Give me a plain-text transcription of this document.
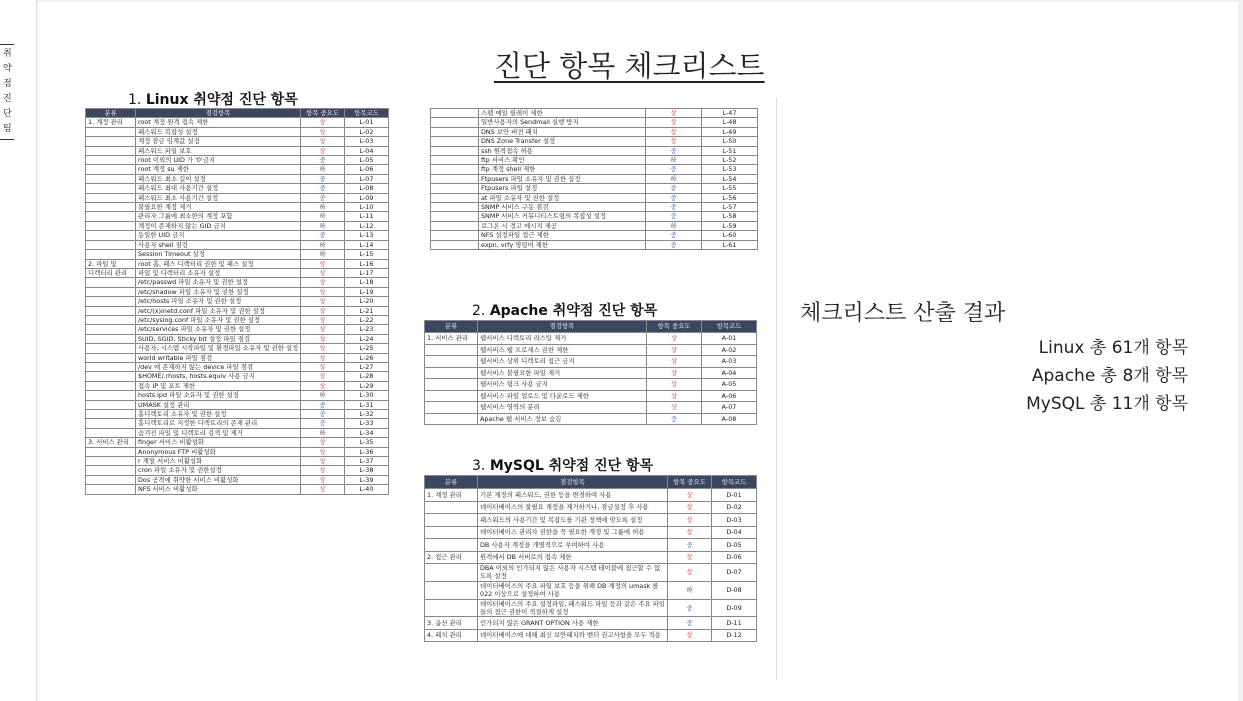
취
약
점
진
단
팀
진단 항목 체크리스트
1. Linux 취약점 진단 항목
분류	점검항목	항목 중요도	항목코드
1. 계정 관리	root 계정 원격 접속 제한	상	L-01
	패스워드 복잡성 설정	상	L-02
	계정 잠금 임계값 설정	상	L-03
	패스워드 파일 보호	상	L-04
	root 이외의 UID 가 '0'금지	중	L-05
	root 계정 su 제한	하	L-06
	패스워드 최소 길이 설정	중	L-07
	패스워드 최대 사용기간 설정	중	L-08
	패스워드 최소 사용기간 설정	중	L-09
	불필요한 계정 제거	하	L-10
	관리자 그룹에 최소한의 계정 포함	하	L-11
	계정이 존재하지 않는 GID 금지	하	L-12
	동일한 UID 금지	중	L-13
	사용자 shell 점검	하	L-14
	Session Timeout 설정	하	L-15
2. 파일 및	root 홈, 패스 디렉터리 권한 및 패스 설정	상	L-16
디렉터리 관리	파일 및 디렉터리 소유자 설정	상	L-17
	/etc/passwd 파일 소유자 및 권한 설정	상	L-18
	/etc/shadow 파일 소유자 및 권한 설정	상	L-19
	/etc/hosts 파일 소유자 및 권한 설정	상	L-20
	/etc/(x)inetd.conf 파일 소유자 및 권한 설정	상	L-21
	/etc/syslog.conf 파일 소유자 및 권한 설정	상	L-22
	/etc/services 파일 소유자 및 권한 설정	상	L-23
	SUID, SGID, Sticky bit 설정 파일 점검	상	L-24
	사용자, 시스템 시작파일 및 환경파일 소유자 및 권한 설정	상	L-25
	world writable 파일 점검	상	L-26
	/dev 에 존재하지 않는 device 파일 점검	상	L-27
	$HOME/.rhosts, hosts.equiv 사용 금지	상	L-28
	접속 IP 및 포트 제한	상	L-29
	hosts.lpd 파일 소유자 및 권한 설정	하	L-30
	UMASK 설정 관리	중	L-31
	홈디렉토리 소유자 및 권한 설정	중	L-32
	홈디렉토리로 지정한 디렉토리의 존재 관리	중	L-33
	숨겨진 파일 및 디렉토리 검색 및 제거	하	L-34
3. 서비스 관리	finger 서비스 비활성화	상	L-35
	Anonymous FTP 비활성화	상	L-36
	r 계열 서비스 비활성화	상	L-37
	cron 파일 소유자 및 권한설정	상	L-38
	Dos 공격에 취약한 서비스 비활성화	상	L-39
	NFS 서비스 비활성화	상	L-40
	스팸 메일 릴레이 제한	상	L-47
	일반사용자의 Sendmail 실행 방지	상	L-48
	DNS 보안 버전 패치	상	L-49
	DNS Zone Transfer 설정	상	L-50
	ssh 원격접속 허용	중	L-51
	ftp 서비스 확인	하	L-52
	ftp 계정 shell 제한	중	L-53
	Ftpusers 파일 소유자 및 권한 설정	하	L-54
	Ftpusers 파일 설정	중	L-55
	at 파일 소유자 및 권한 설정	중	L-56
	SNMP 서비스 구동 점검	중	L-57
	SNMP 서비스 커뮤니티스트링의 복잡성 설정	중	L-58
	로그온 시 경고 메시지 제공	하	L-59
	NFS 설정파일 접근 제한	중	L-60
	expn, vrfy 명령어 제한	중	L-61
2. Apache 취약점 진단 항목
분류	점검항목	항목 중요도	항목코드
1. 서비스 관리	웹서비스 디렉토리 리스팅 제거	상	A-01
	웹서비스 웹 프로세스 권한 제한	상	A-02
	웹서비스 상위 디렉토리 접근 금지	상	A-03
	웹서비스 불필요한 파일 제거	상	A-04
	웹서비스 링크 사용 금지	상	A-05
	웹서비스 파일 업로드 및 다운로드 제한	상	A-06
	웹서비스 영역의 분리	상	A-07
	Apache 웹 서비스 정보 숨김	중	A-08
3. MySQL 취약점 진단 항목
분류	점검항목	항목 중요도	항목코드
1. 계정 관리	기본 계정의 패스워드, 권한 등을 변경하여 사용	상	D-01
	데이터베이스의 불필요 계정을 제거하거나, 잠금설정 후 사용	상	D-02
	패스워드의 사용기간 및 복잡도를 기관 정책에 맞도록 설정	상	D-03
	데이터베이스 관리자 권한을 꼭 필요한 계정 및 그룹에 허용	상	D-04
	DB 사용자 계정을 개별적으로 부여하여 사용	중	D-05
2. 접근 관리	원격에서 DB 서버로의 접속 제한	상	D-06
	DBA 이외의 인가되지 않은 사용자 시스템 테이블에 접근할 수 없도록 설정	상	D-07
	데이터베이스의 주요 파일 보호 등을 위해 DB 계정의 umask 를 022 이상으로 설정하여 사용	하	D-08
	데이터베이스의 주요 설정파일, 패스워드 파일 등과 같은 주요 파일들의 접근 권한이 적절하게 설정	중	D-09
3. 옵션 관리	인가되지 않은 GRANT OPTION 사용 제한	중	D-11
4. 패치 관리	데이터베이스에 대해 최신 보안패치와 벤더 권고사항을 모두 적용	상	D-12
체크리스트 산출 결과
Linux 총 61개 항목
Apache 총 8개 항목
MySQL 총 11개 항목
